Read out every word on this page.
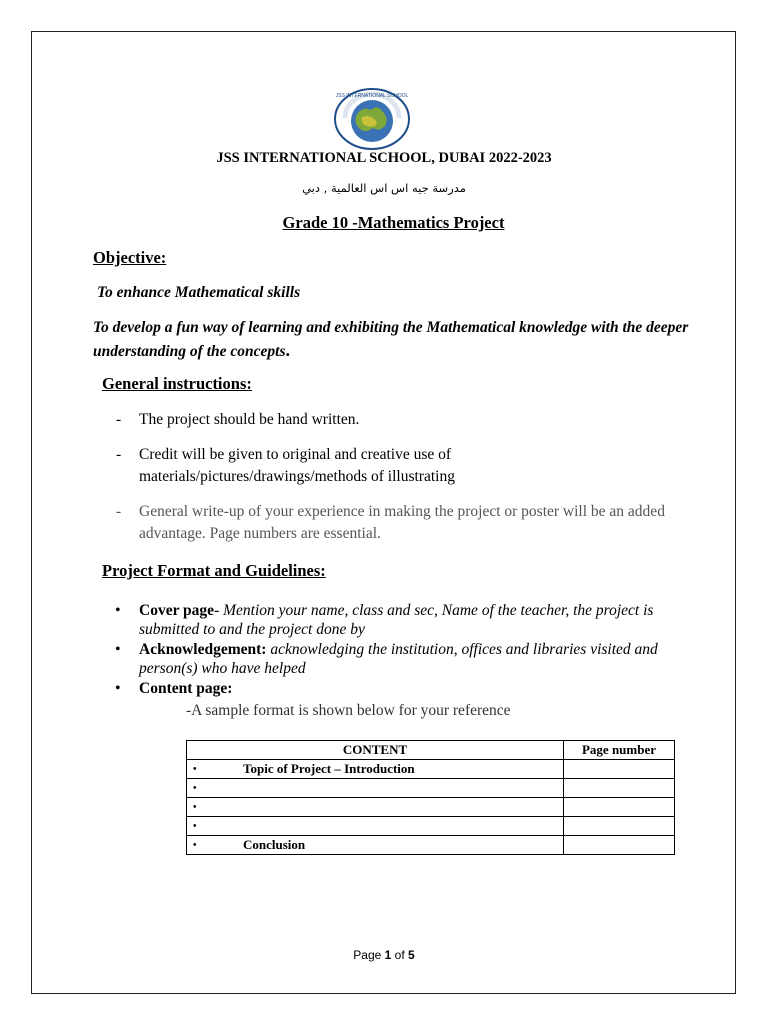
JSS INTERNATIONAL SCHOOL
JSS INTERNATIONAL SCHOOL, DUBAI 2022-2023
مدرسة جيه اس اس العالمية , دبي
Grade 10 -Mathematics Project
Objective:
To enhance Mathematical skills
To develop a fun way of learning and exhibiting the Mathematical knowledge with the deeper understanding of the concepts.
General instructions:
-	The project should be hand written.
-	Credit will be given to original and creative use of materials/pictures/drawings/methods of illustrating
-	General write-up of your experience in making the project or poster will be an added advantage. Page numbers are essential.
Project Format and Guidelines:
•	Cover page- Mention your name, class and sec, Name of the teacher, the project is submitted to and the project done by
•	Acknowledgement: acknowledging the institution, offices and libraries visited and person(s) who have helped
•	Content page:
-A sample format is shown below for your reference
CONTENT	Page number

• Topic of Project – Introduction	

•	

•	

•	

• Conclusion	

Page 1 of 5
